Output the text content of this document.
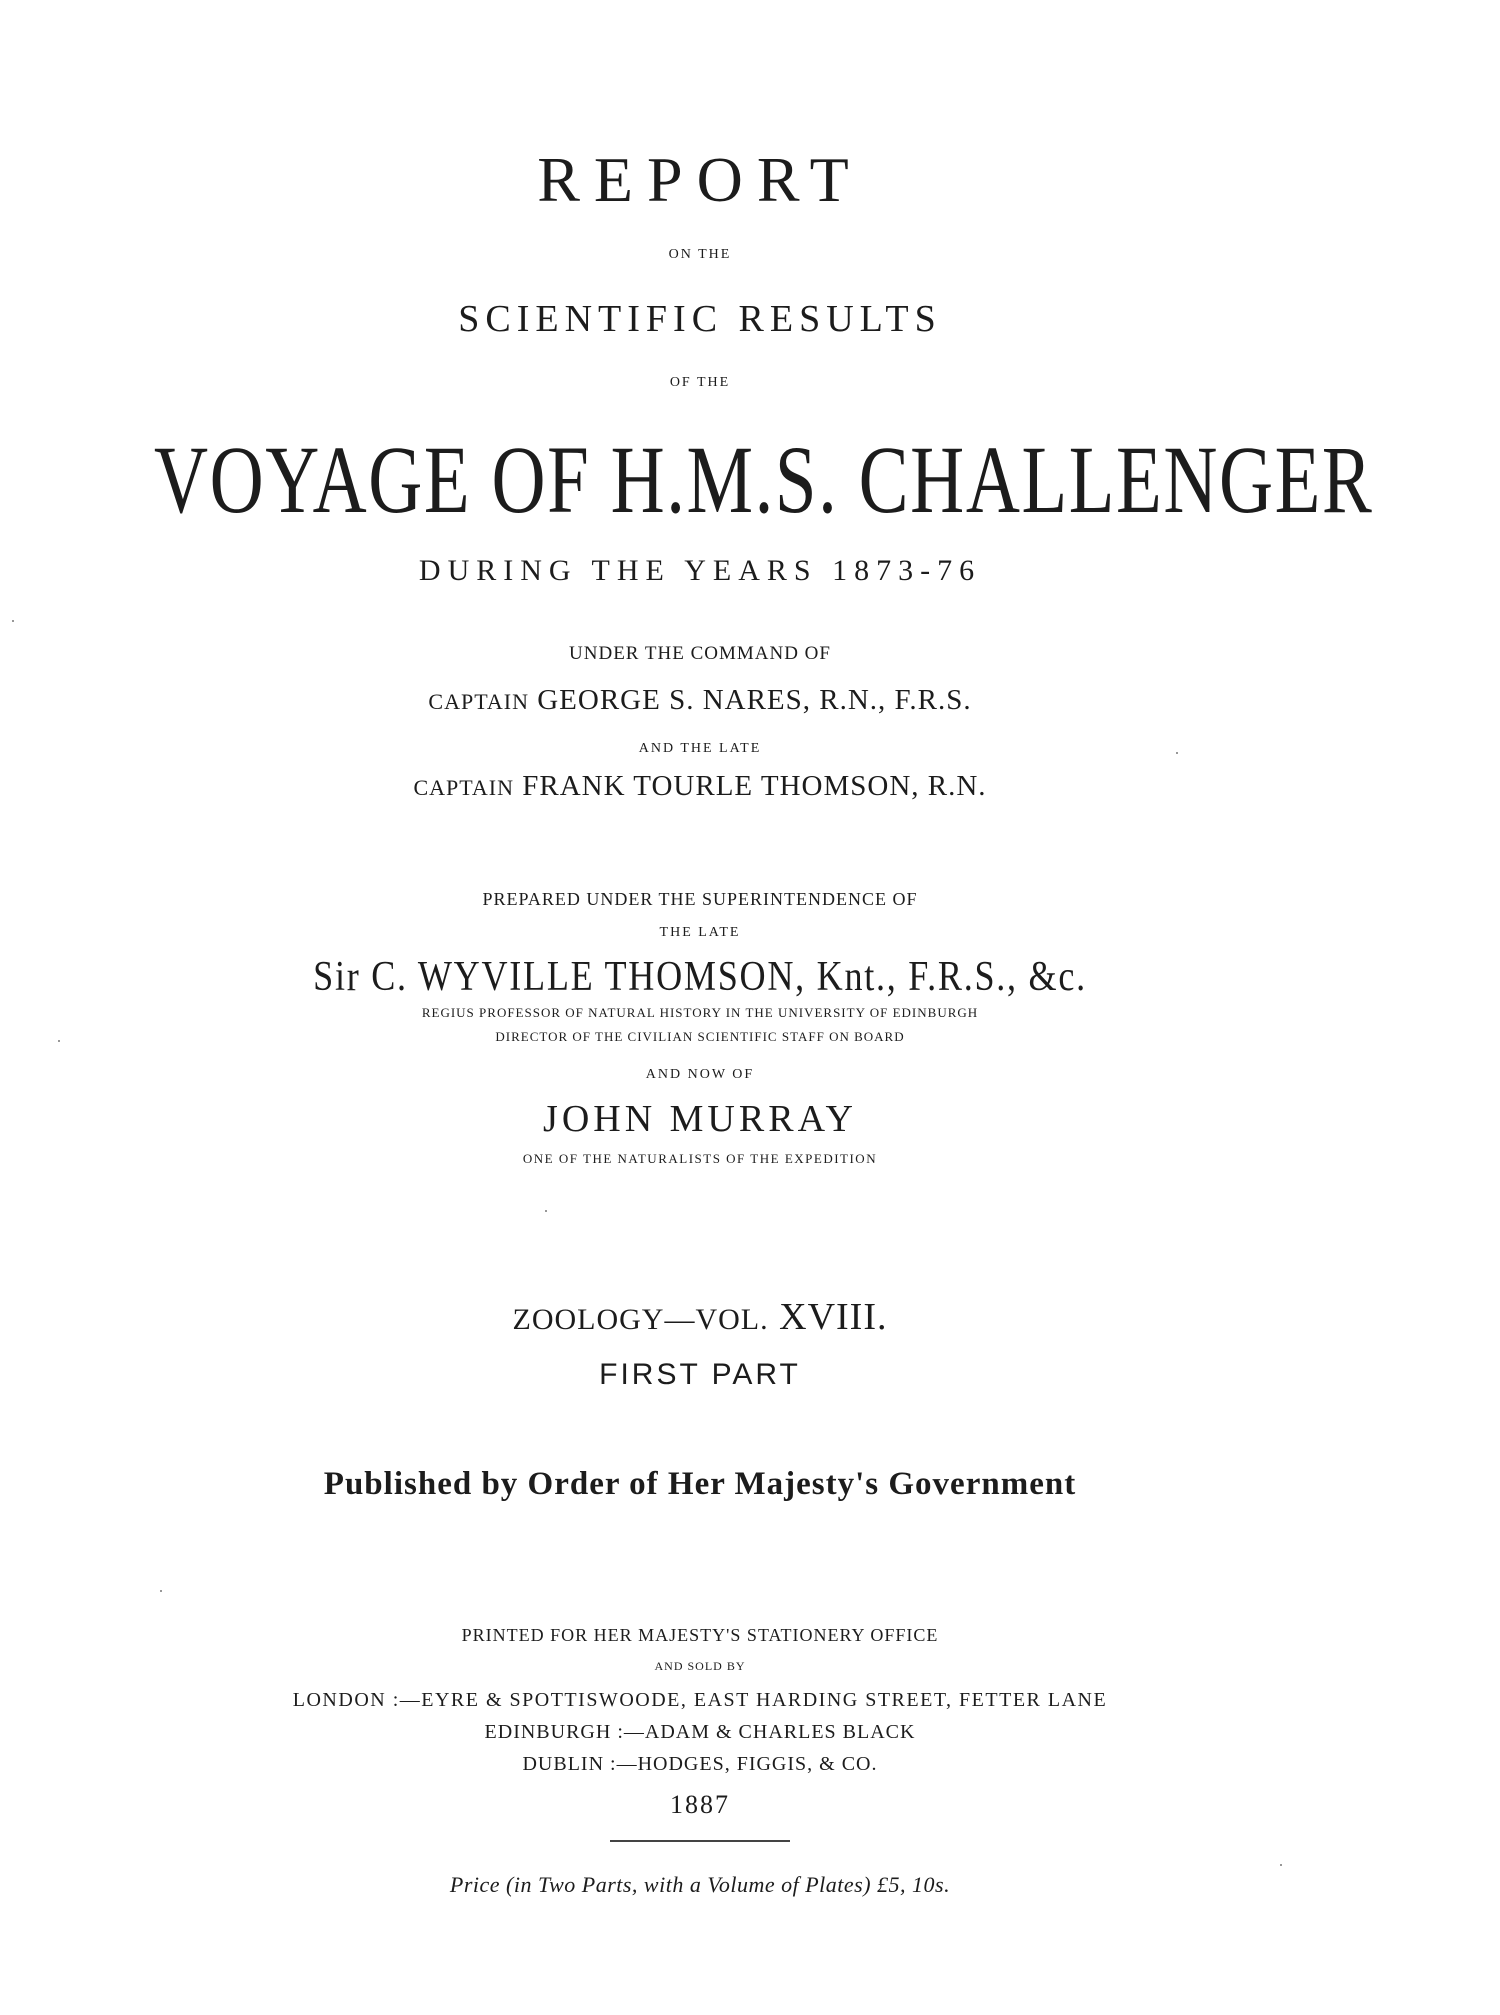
REPORT
ON THE
SCIENTIFIC RESULTS
OF THE
VOYAGE OF H.M.S. CHALLENGER
DURING THE YEARS 1873-76
UNDER THE COMMAND OF
CAPTAIN GEORGE S. NARES, R.N., F.R.S.
AND THE LATE
CAPTAIN FRANK TOURLE THOMSON, R.N.
PREPARED UNDER THE SUPERINTENDENCE OF
THE LATE
Sir C. WYVILLE THOMSON, Knt., F.R.S., &c.
REGIUS PROFESSOR OF NATURAL HISTORY IN THE UNIVERSITY OF EDINBURGH
DIRECTOR OF THE CIVILIAN SCIENTIFIC STAFF ON BOARD
AND NOW OF
JOHN MURRAY
ONE OF THE NATURALISTS OF THE EXPEDITION
ZOOLOGY—VOL. XVIII.
FIRST PART
Published by Order of Her Majesty's Government
PRINTED FOR HER MAJESTY'S STATIONERY OFFICE
AND SOLD BY
LONDON :—EYRE & SPOTTISWOODE, EAST HARDING STREET, FETTER LANE
EDINBURGH :—ADAM & CHARLES BLACK
DUBLIN :—HODGES, FIGGIS, & CO.
1887
Price (in Two Parts, with a Volume of Plates) £5, 10s.
